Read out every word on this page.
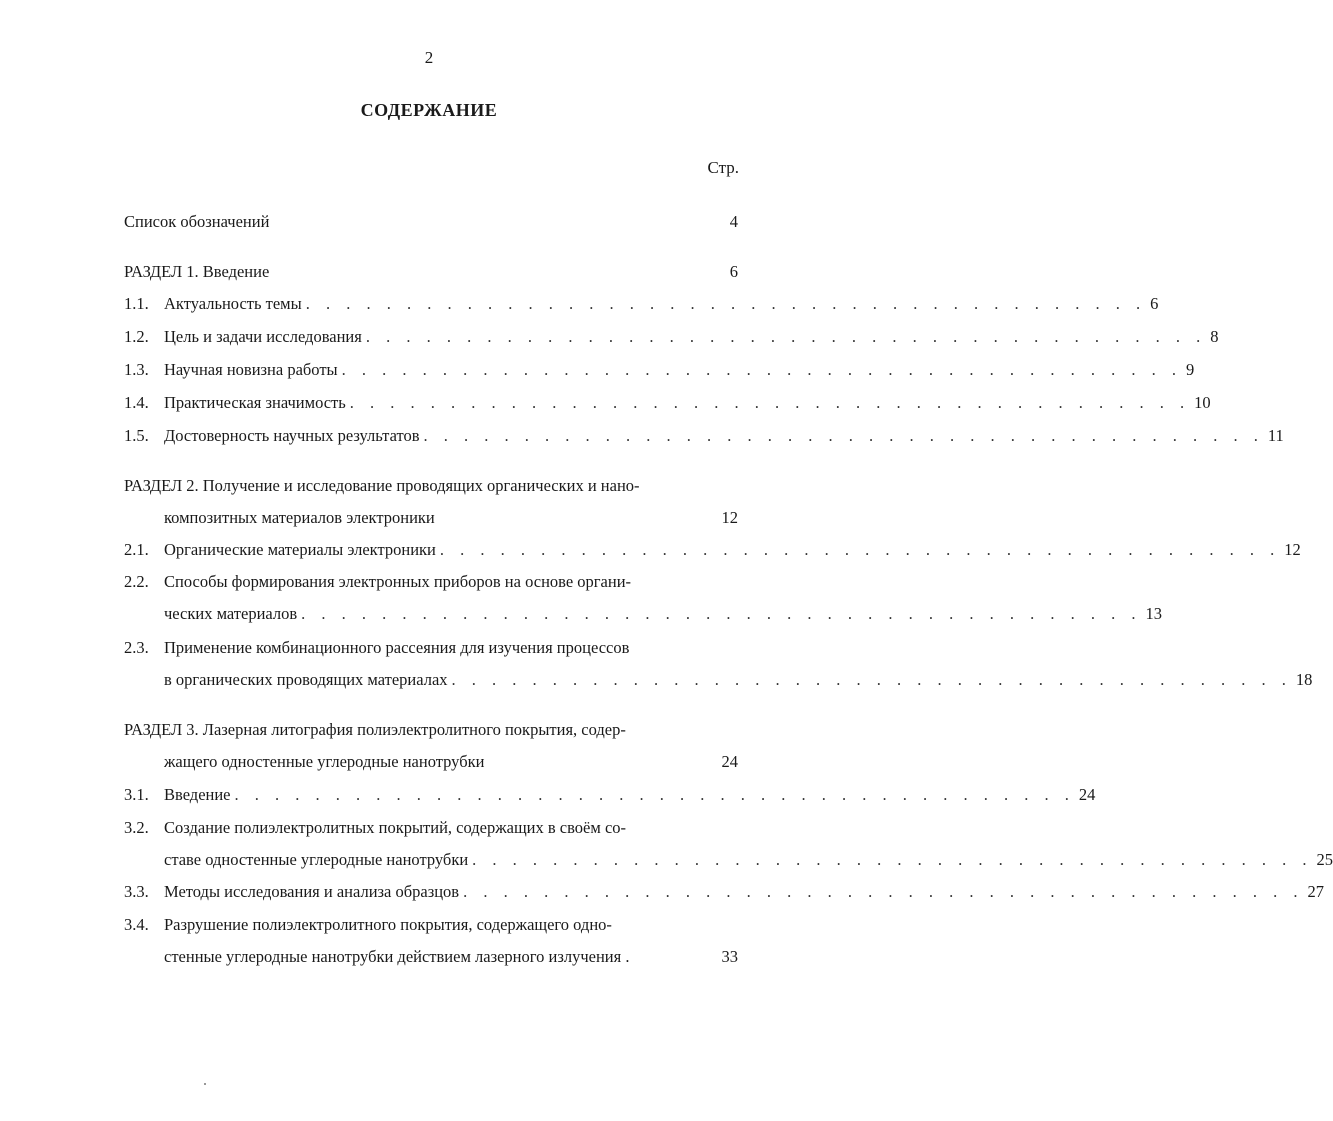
2
СОДЕРЖАНИЕ
Стр.
Список обозначений	4
РАЗДЕЛ 1. Введение	6
1.1. Актуальность темы . . . . . . . . . . . . . . . . . . . . . . . . . . . . . . . . . . . . . . . . . . 6
1.2. Цель и задачи исследования . . . . . . . . . . . . . . . . . . . . . . . . . . . . . . . . . . . . . . . . . . 8
1.3. Научная новизна работы . . . . . . . . . . . . . . . . . . . . . . . . . . . . . . . . . . . . . . . . . . 9
1.4. Практическая значимость . . . . . . . . . . . . . . . . . . . . . . . . . . . . . . . . . . . . . . . . . . 10
1.5. Достоверность научных результатов . . . . . . . . . . . . . . . . . . . . . . . . . . . . . . . . . . . . . . . . . . 11
РАЗДЕЛ 2. Получение и исследование проводящих органических и нано-
композитных материалов электроники	12
2.1. Органические материалы электроники . . . . . . . . . . . . . . . . . . . . . . . . . . . . . . . . . . . . . . . . . . 12
2.2. Способы формирования электронных приборов на основе органи-
ческих материалов . . . . . . . . . . . . . . . . . . . . . . . . . . . . . . . . . . . . . . . . . . 13
2.3. Применение комбинационного рассеяния для изучения процессов
в органических проводящих материалах . . . . . . . . . . . . . . . . . . . . . . . . . . . . . . . . . . . . . . . . . . 18
РАЗДЕЛ 3. Лазерная литография полиэлектролитного покрытия, содер-
жащего одностенные углеродные нанотрубки	24
3.1. Введение . . . . . . . . . . . . . . . . . . . . . . . . . . . . . . . . . . . . . . . . . . 24
3.2. Создание полиэлектролитных покрытий, содержащих в своём со-
ставе одностенные углеродные нанотрубки . . . . . . . . . . . . . . . . . . . . . . . . . . . . . . . . . . . . . . . . . . 25
3.3. Методы исследования и анализа образцов . . . . . . . . . . . . . . . . . . . . . . . . . . . . . . . . . . . . . . . . . . 27
3.4. Разрушение полиэлектролитного покрытия, содержащего одно-
стенные углеродные нанотрубки действием лазерного излучения .	33
